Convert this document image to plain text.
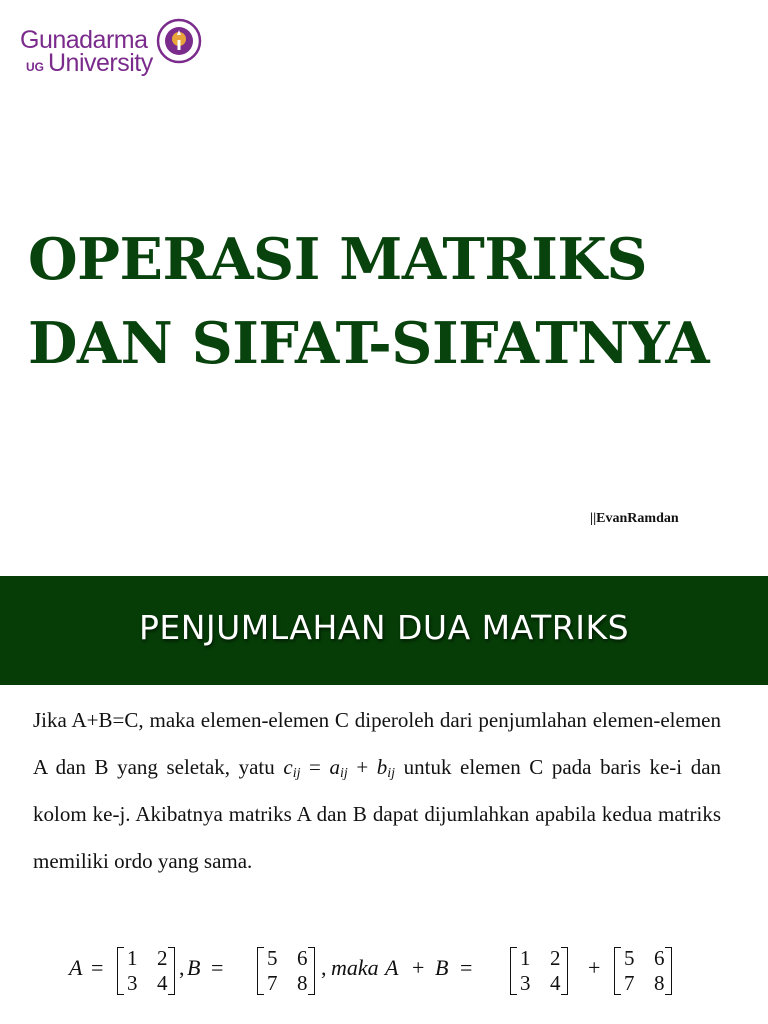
Gunadarma
UG University
OPERASI MATRIKS
DAN SIFAT-SIFATNYA
||EvanRamdan
PENJUMLAHAN DUA MATRIKS

Jika A+B=C, maka elemen-elemen C diperoleh dari penjumlahan elemen-elemen A dan B yang seletak, yatu $c_{ij} = a_{ij} + b_{ij}$ untuk elemen C pada baris ke-i dan kolom ke-j. Akibatnya matriks A dan B dapat dijumlahkan apabila kedua matriks memiliki ordo yang sama.

A = 1 2
3 4
, B = 5 6
7 8
, maka A + B = 1 2
3 4
+ 5 6
7 8
